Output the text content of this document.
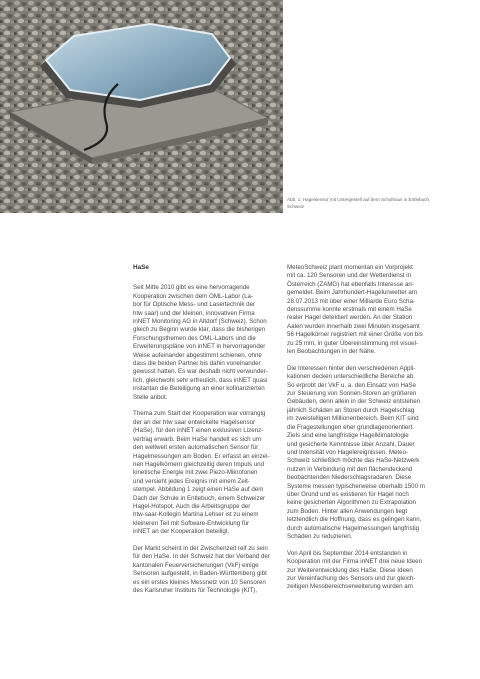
Abb. 1: Hagelsensor mit Untergestell auf dem Schulhaus in Entlebuch, Schweiz
HaSe

Seit Mitte 2010 gibt es eine hervorragende
Kooperation zwischen dem OML-Labor (La-
bor für Optische Mess- und Lasertechnik der
htw saar) und der kleinen, innovativen Firma
inNET Monitoring AG in Altdorf (Schweiz). Schon
gleich zu Beginn wurde klar, dass die bisherigen
Forschungsthemen des OML-Labors und die
Erweiterungspläne von inNET in hervorragender
Weise aufeinander abgestimmt schienen, ohne
dass die beiden Partner bis dahin voneinander
gewusst hatten. Es war deshalb nicht verwunder-
lich, gleichwohl sehr erfreulich, dass inNET quasi
instantan die Beteiligung an einer kofinanzierten
Stelle anbot.

Thema zum Start der Kooperation war vorrangig
der an der htw saar entwickelte Hagelsensor
(HaSe), für den inNET einen exklusiven Lizenz-
vertrag erwarb. Beim HaSe handelt es sich um
den weltweit ersten automatischen Sensor für
Hagelmessungen am Boden. Er erfasst an einzel-
nen Hagelkörnern gleichzeitig deren Impuls und
kinetische Energie mit zwei Piezo-Mikrofonen
und versieht jedes Ereignis mit einem Zeit-
stempel. Abbildung 1 zeigt einen HaSe auf dem
Dach der Schule in Entlebuch, einem Schweizer
Hagel-Hotspot. Auch die Arbeitsgruppe der
htw-saar-Kollegin Martina Lehser ist zu einem
kleineren Teil mit Software-Entwicklung für
inNET an der Kooperation beteiligt.

Der Markt scheint in der Zwischenzeit reif zu sein
für den HaSe. In der Schweiz hat der Verband der
kantonalen Feuerversicherungen (VkF) einige
Sensoren aufgestellt, in Baden-Württemberg gibt
es ein erstes kleines Messnetz von 10 Sensoren
des Karlsruher Instituts für Technologie (KIT),

MeteoSchweiz plant momentan ein Vorprojekt
mit ca. 120 Sensoren und der Wetterdienst in
Österreich (ZAMG) hat ebenfalls Interesse an-
gemeldet. Beim Jahrhundert-Hagelunwetter am
28.07.2013 mit über einer Milliarde Euro Scha-
denssumme konnte erstmals mit einem HaSe
realer Hagel detektiert werden. An der Station
Aalen wurden innerhalb zwei Minuten insgesamt
56 Hagelkörner registriert mit einer Größe von bis
zu 25 mm, in guter Übereinstimmung mit visuel-
len Beobachtungen in der Nähe.

Die Interessen hinter den verschiedenen Appli-
kationen decken unterschiedliche Bereiche ab.
So erprobt der VkF u. a. den Einsatz von HaSe
zur Steuerung von Sonnen-Storen an größeren
Gebäuden, denn allein in der Schweiz entstehen
jährlich Schäden an Storen durch Hagelschlag
im zweistelligen Millionenbereich. Beim KIT sind
die Fragestellungen eher grundlagenorientiert.
Ziels sind eine langfristige Hagelklimatologie
und gesicherte Kenntnisse über Anzahl, Dauer
und Intensität von Hagelereignissen. Meteo-
Schweiz schließlich möchte das HaSe-Netzwerk
nutzen in Verbindung mit den flächendeckend
beobachtenden Niederschlagsradaren. Diese
Systeme messen typischerweise oberhalb 1500 m
über Grund und es existieren für Hagel noch
keine gesicherten Algorithmen zu Extrapolation
zum Boden. Hinter allen Anwendungen liegt
letztendlich die Hoffnung, dass es gelingen kann,
durch automatische Hagelmessungen langfristig
Schäden zu reduzieren.

Von April bis September 2014 entstanden in
Kooperation mit der Firma inNET drei neue Ideen
zur Weiterentwicklung des HaSe. Diese Ideen
zur Vereinfachung des Sensors und zur gleich-
zeitigen Messbereichserweiterung wurden am
